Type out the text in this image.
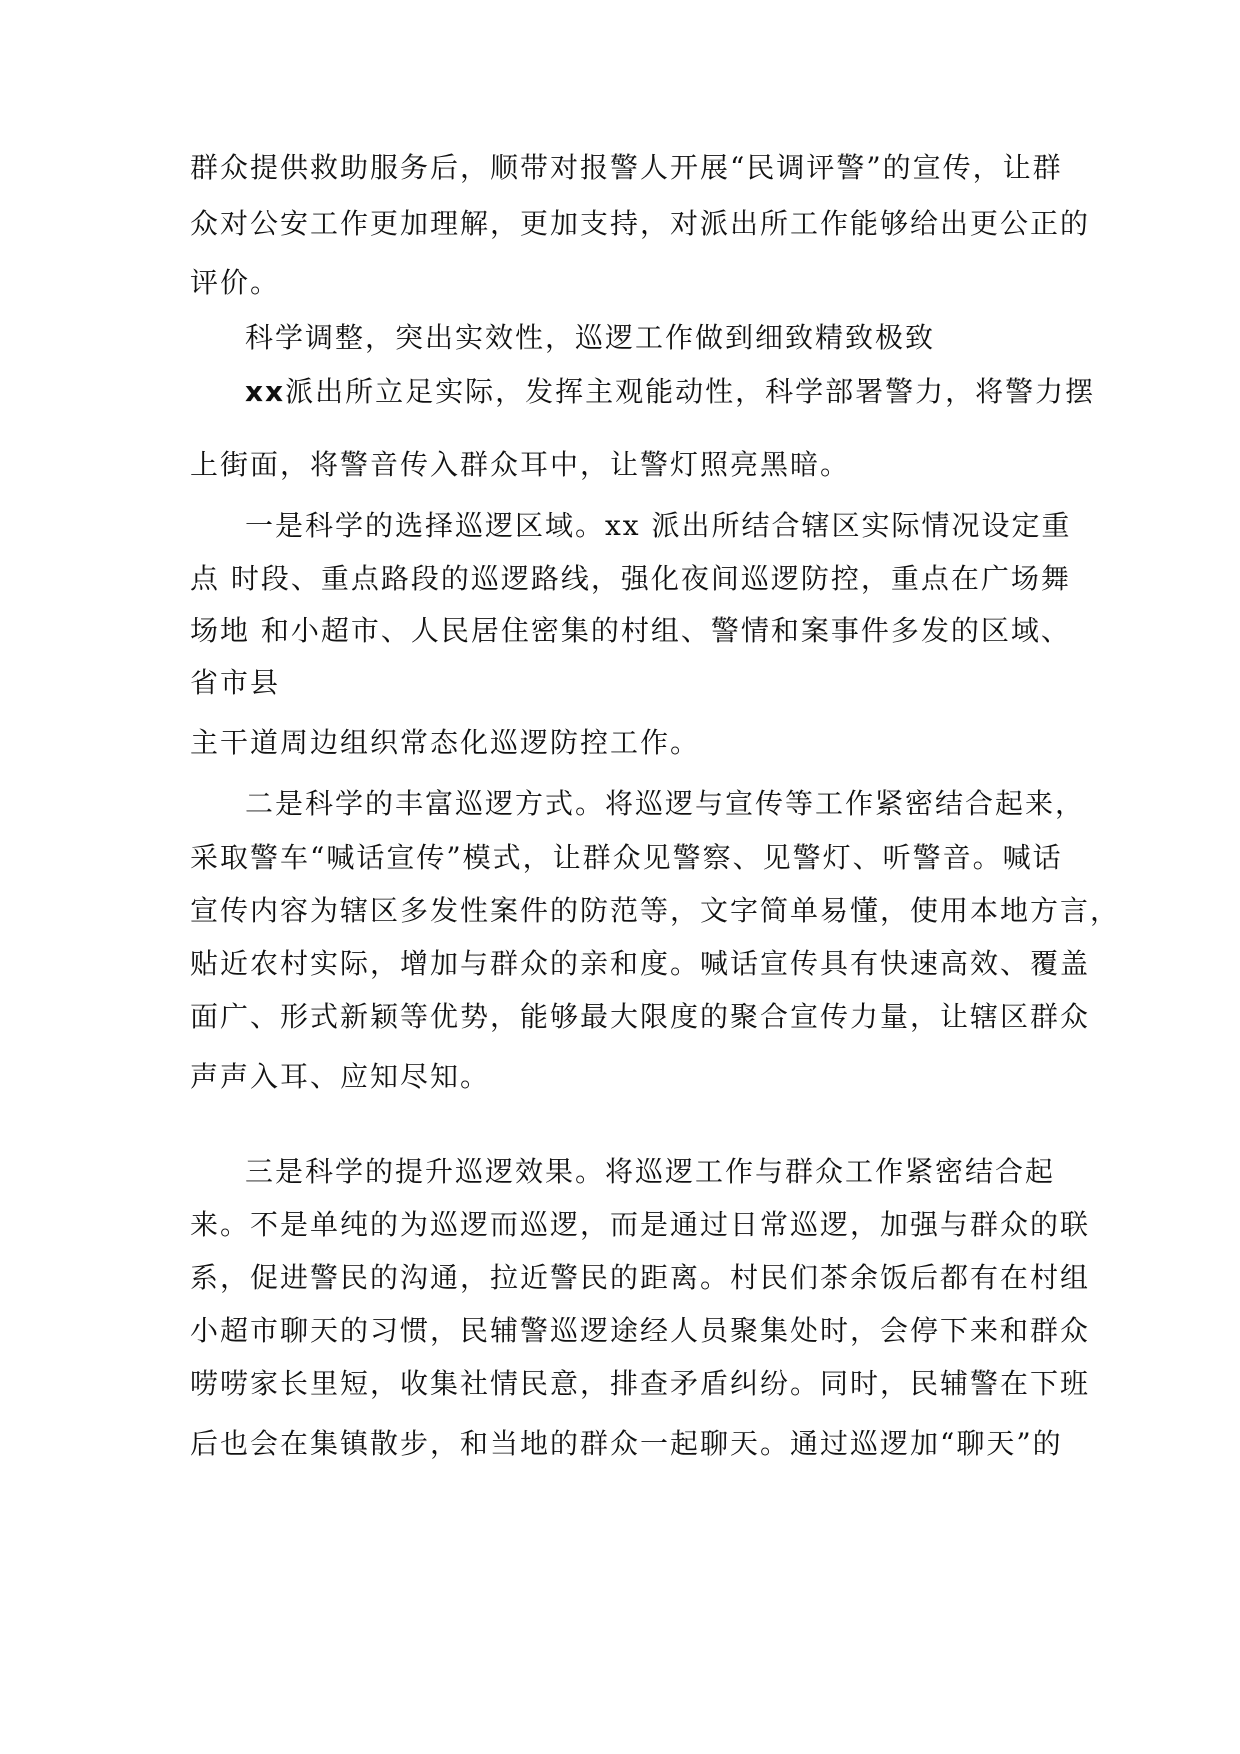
群众提供救助服务后，顺带对报警人开展“民调评警”的宣传，让群
众对公安工作更加理解，更加支持，对派出所工作能够给出更公正的
评价。
科学调整，突出实效性，巡逻工作做到细致精致极致
xx派出所立足实际，发挥主观能动性，科学部署警力，将警力摆
上街面，将警音传入群众耳中，让警灯照亮黑暗。
一是科学的选择巡逻区域。xx 派出所结合辖区实际情况设定重
点 时段、重点路段的巡逻路线，强化夜间巡逻防控，重点在广场舞
场地 和小超市、人民居住密集的村组、警情和案事件多发的区域、
省市县
主干道周边组织常态化巡逻防控工作。
二是科学的丰富巡逻方式。将巡逻与宣传等工作紧密结合起来，
采取警车“喊话宣传”模式，让群众见警察、见警灯、听警音。喊话
宣传内容为辖区多发性案件的防范等，文字简单易懂，使用本地方言，
贴近农村实际，增加与群众的亲和度。喊话宣传具有快速高效、覆盖
面广、形式新颖等优势，能够最大限度的聚合宣传力量，让辖区群众
声声入耳、应知尽知。
三是科学的提升巡逻效果。将巡逻工作与群众工作紧密结合起
来。不是单纯的为巡逻而巡逻，而是通过日常巡逻，加强与群众的联
系，促进警民的沟通，拉近警民的距离。村民们茶余饭后都有在村组
小超市聊天的习惯，民辅警巡逻途经人员聚集处时，会停下来和群众
唠唠家长里短，收集社情民意，排查矛盾纠纷。同时，民辅警在下班
后也会在集镇散步，和当地的群众一起聊天。通过巡逻加“聊天”的
